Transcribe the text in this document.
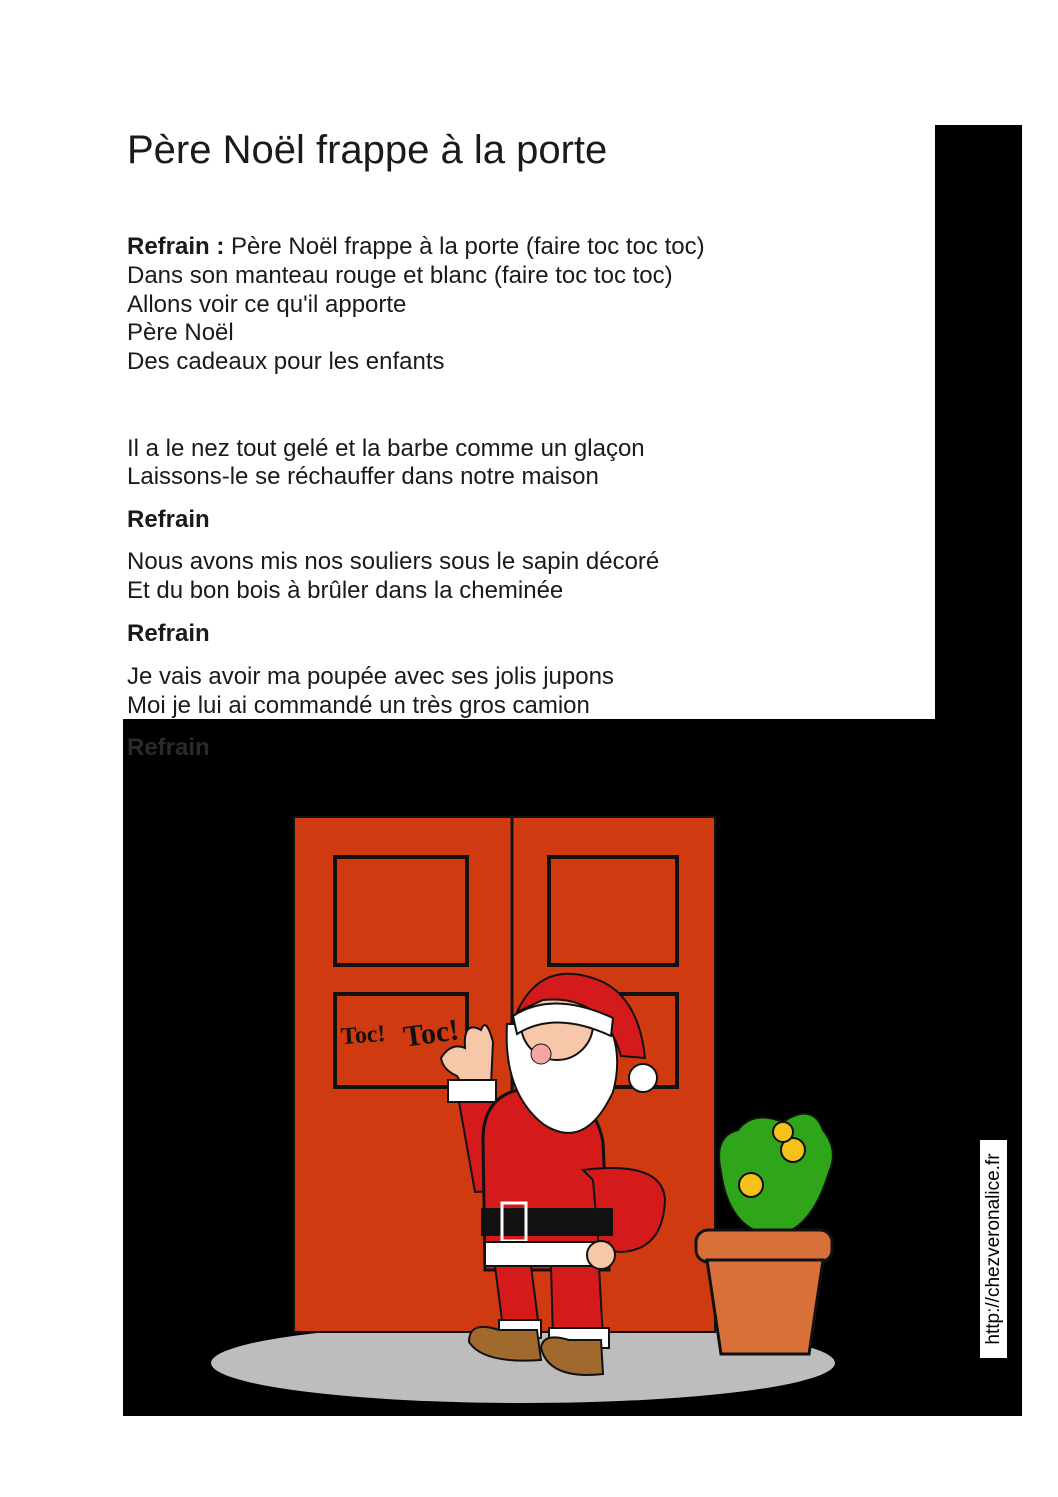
Père Noël frappe à la porte
Refrain : Père Noël frappe à la porte (faire toc toc toc)
Dans son manteau rouge et blanc (faire toc toc toc)
Allons voir ce qu'il apporte
Père Noël
Des cadeaux pour les enfants
Il a le nez tout gelé et la barbe comme un glaçon
Laissons-le se réchauffer dans notre maison
Refrain
Nous avons mis nos souliers sous le sapin décoré
Et du bon bois à brûler dans la cheminée
Refrain
Je vais avoir ma poupée avec ses jolis jupons
Moi je lui ai commandé un très gros camion
Refrain
Toc! Toc!
http://chezveronalice.fr
